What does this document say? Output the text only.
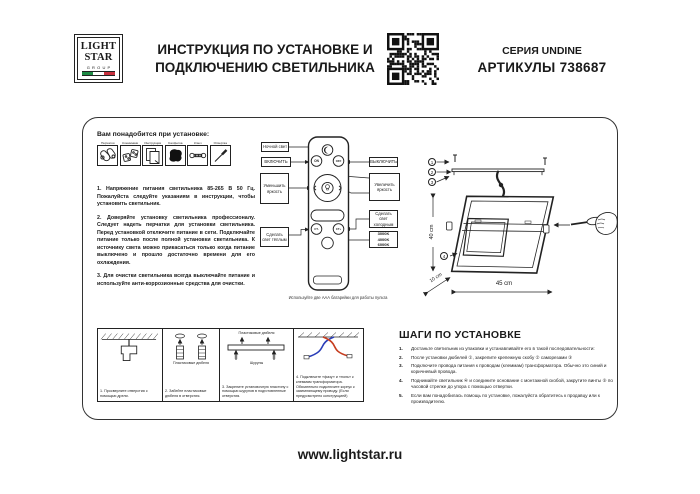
LIGHT
STAR
GROUP
ИНСТРУКЦИЯ ПО УСТАНОВКЕ И
ПОДКЛЮЧЕНИЮ СВЕТИЛЬНИКА
СЕРИЯ UNDINE
АРТИКУЛЫ 738687
Вам понадобится при установке:
Перчатки	Клеммники	Инструкция	Салфетка	Ключ	Отвертка

1. Напряжение питания светильника 85-265 В 50 Гц. Пожалуйста следуйте указаниям в инструкции, чтобы установить светильник.

2. Доверяйте установку светильника профессионалу. Следует надеть перчатки для установки светильника. Перед установкой отключите питание в сети. Подключайте питание только после полной установки светильника. К источнику света можно прикасаться только когда питание выключено и прошло достаточно времени для его охлаждения.

3. Для очистки светильника всегда выключайте питание и используйте анти-коррозионные средства для очистки.

ON	OFF
CT-	CT+
Ночной свет
ВКЛЮЧИТЬ
Уменьшить яркость
Сделать свет тёплым
ВЫКЛЮЧИТЬ
Увеличить яркость
Сделать свет холодным
3000K
4000K
6000K
Используйте две ААА батарейки для работы пульта
1
2
3
4
40 cm
10 cm	45 cm
1. Просверлите отверстия с помощью дрели.
Пластиковые дюбеля
2. Забейте пластиковые дюбеля в отверстия.
Пластиковые дюбеля
Шурупы
3. Закрепите установочную пластину с помощью шурупов в подготовленные отверстия.
4. Подключите «фазу» и «ноль» к клеммам трансформатора. Обязательно подключите корпус к заземляющему проводу. (Если предусмотрено конструкцией)
ШАГИ ПО УСТАНОВКЕ
1.	Достаньте светильник из упаковки и устанавливайте его в такой последовательности:
2.	После установки дюбелей ①, закрепите крепежную скобу ② саморезами ③
3.	Подключите провода питания к проводам (клеммам) трансформатора. Обычно это синий и коричневый провода.
4.	Поднимайте светильник ④ и соедините основание с монтажной скобой, закрутите винты ⑤ по часовой стрелке до упора с помощью отвертки.
5.	Если вам понадобилась помощь по установке, пожалуйста обратитесь к продавцу или к производителю.
www.lightstar.ru
